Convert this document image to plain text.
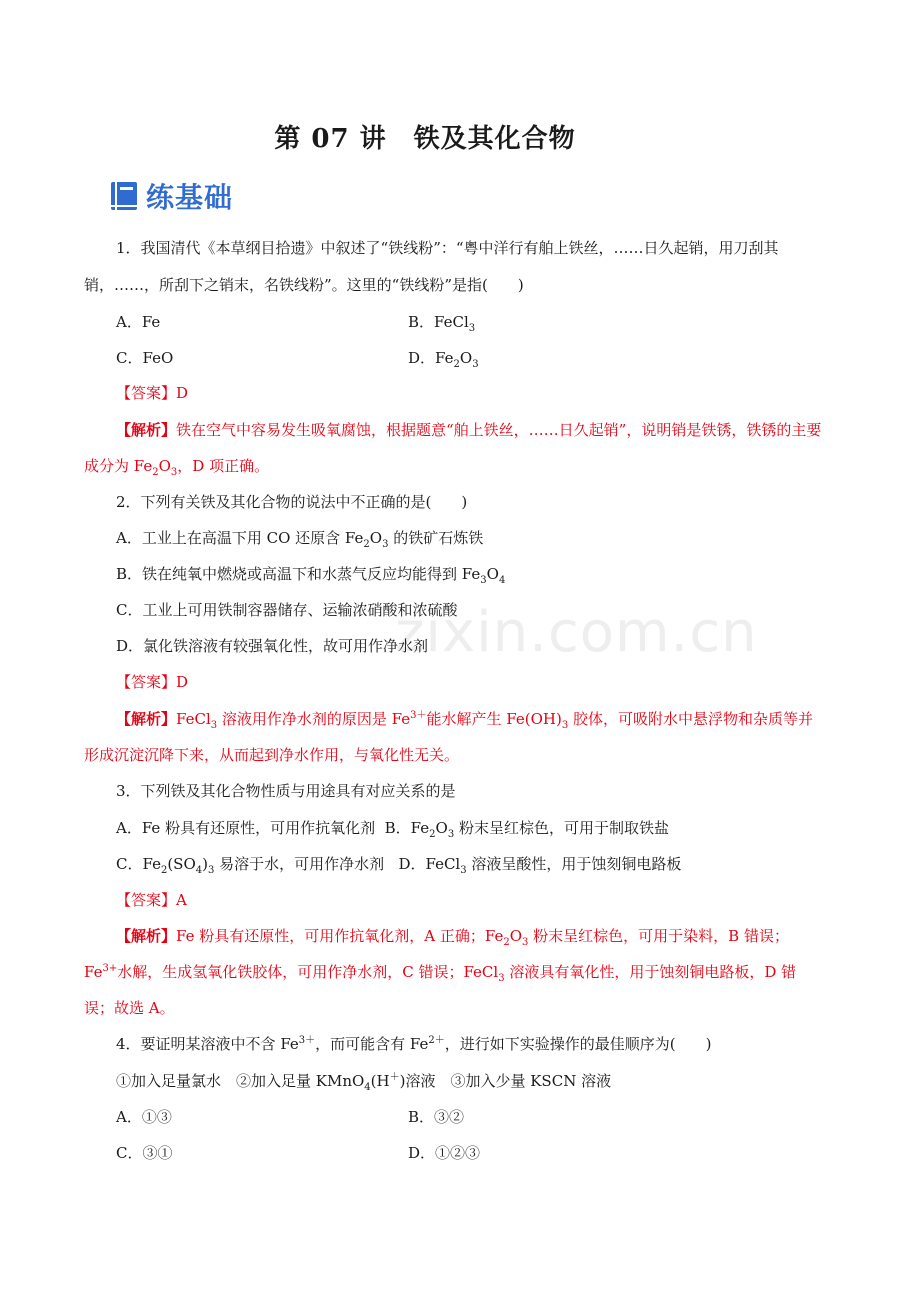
第 07 讲　铁及其化合物
练基础
zixin.com.cn
1．我国清代《本草纲目拾遗》中叙述了“铁线粉”：“粤中洋行有舶上铁丝，……日久起销，用刀刮其
销，……，所刮下之销末，名铁线粉”。这里的“铁线粉”是指(　　)
A．Fe	B．FeCl$_3$
C．FeO	D．$Fe_2O_3$
【答案】D
【解析】铁在空气中容易发生吸氧腐蚀，根据题意“舶上铁丝，……日久起销”，说明销是铁锈，铁锈的主要
成分为 $Fe_2O_3$，D 项正确。
2．下列有关铁及其化合物的说法中不正确的是(　　)
A．工业上在高温下用 CO 还原含 $Fe_2O_3$ 的铁矿石炼铁
B．铁在纯氧中燃烧或高温下和水蒸气反应均能得到 $Fe_3O_4$
C．工业上可用铁制容器储存、运输浓硝酸和浓硫酸
D．氯化铁溶液有较强氧化性，故可用作净水剂
【答案】D
【解析】FeCl$_3$ 溶液用作净水剂的原因是 $Fe^{3+}$能水解产生 $Fe(OH)_3$ 胶体，可吸附水中悬浮物和杂质等并
形成沉淀沉降下来，从而起到净水作用，与氧化性无关。
3．下列铁及其化合物性质与用途具有对应关系的是
A．Fe 粉具有还原性，可用作抗氧化剂 B．$Fe_2O_3$ 粉末呈红棕色，可用于制取铁盐
C．$Fe_2(SO_4)_3$ 易溶于水，可用作净水剂 D．FeCl$_3$ 溶液呈酸性，用于蚀刻铜电路板
【答案】A
【解析】Fe 粉具有还原性，可用作抗氧化剂，A 正确；$Fe_2O_3$ 粉末呈红棕色，可用于染料，B 错误；
$Fe^{3+}$水解，生成氢氧化铁胶体，可用作净水剂，C 错误；FeCl$_3$ 溶液具有氧化性，用于蚀刻铜电路板，D 错
误；故选 A。
4．要证明某溶液中不含 $Fe^{3+}$，而可能含有 $Fe^{2+}$，进行如下实验操作的最佳顺序为(　　)
①加入足量氯水　②加入足量 KMnO$_4$(H＋)溶液　③加入少量 KSCN 溶液
A．①③	B．③②
C．③①	D．①②③
